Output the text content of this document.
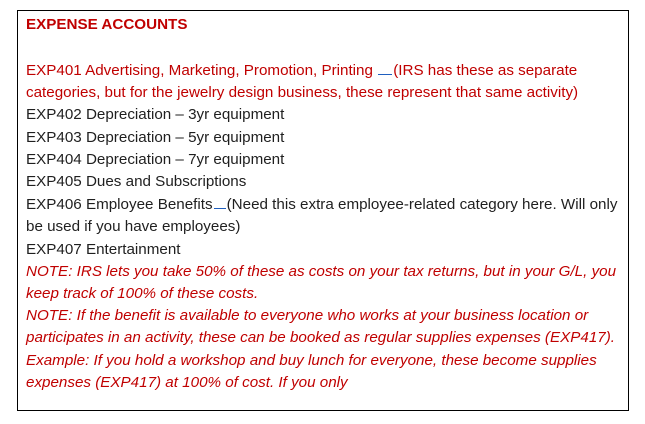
EXPENSE ACCOUNTS

EXP401 Advertising, Marketing, Promotion, Printing (IRS has these as separate categories, but for the jewelry design business, these represent that same activity)

EXP402 Depreciation – 3yr equipment

EXP403 Depreciation – 5yr equipment

EXP404 Depreciation – 7yr equipment

EXP405 Dues and Subscriptions

EXP406 Employee Benefits (Need this extra employee-related category here. Will only be used if you have employees)

EXP407 Entertainment

NOTE: IRS lets you take 50% of these as costs on your tax returns, but in your G/L, you keep track of 100% of these costs.

NOTE: If the benefit is available to everyone who works at your business location or participates in an activity, these can be booked as regular supplies expenses (EXP417). Example: If you hold a workshop and buy lunch for everyone, these become supplies expenses (EXP417) at 100% of cost. If you only
